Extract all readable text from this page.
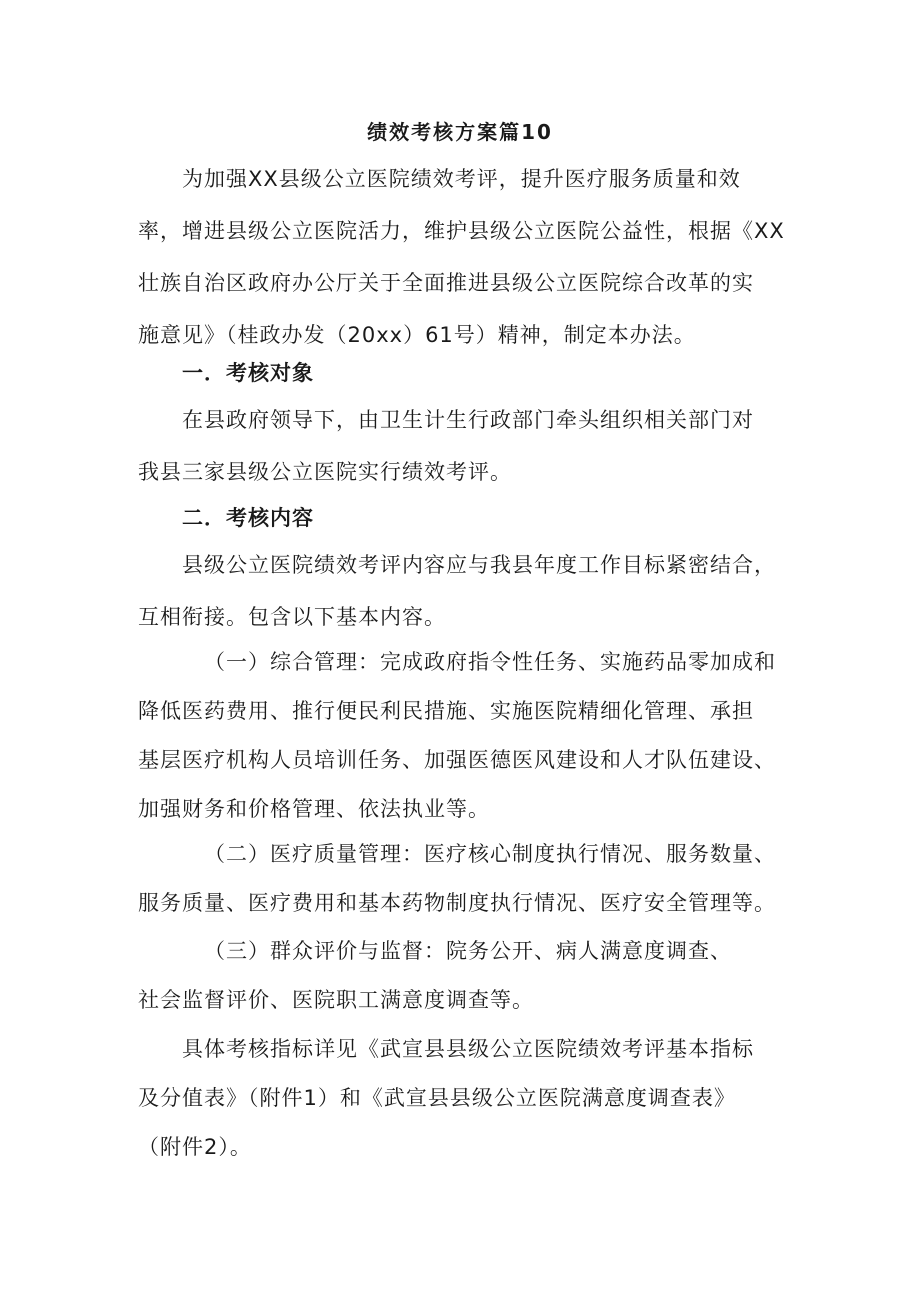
绩效考核方案篇10
为加强XX县级公立医院绩效考评，提升医疗服务质量和效
率，增进县级公立医院活力，维护县级公立医院公益性，根据《XX
壮族自治区政府办公厅关于全面推进县级公立医院综合改革的实
施意见》（桂政办发（20xx）61号）精神，制定本办法。
一．考核对象
在县政府领导下，由卫生计生行政部门牵头组织相关部门对
我县三家县级公立医院实行绩效考评。
二．考核内容
县级公立医院绩效考评内容应与我县年度工作目标紧密结合，
互相衔接。包含以下基本内容。
（一）综合管理：完成政府指令性任务、实施药品零加成和
降低医药费用、推行便民利民措施、实施医院精细化管理、承担
基层医疗机构人员培训任务、加强医德医风建设和人才队伍建设、
加强财务和价格管理、依法执业等。
（二）医疗质量管理：医疗核心制度执行情况、服务数量、
服务质量、医疗费用和基本药物制度执行情况、医疗安全管理等。
（三）群众评价与监督：院务公开、病人满意度调查、
社会监督评价、医院职工满意度调查等。
具体考核指标详见《武宣县县级公立医院绩效考评基本指标
及分值表》（附件1）和《武宣县县级公立医院满意度调查表》
（附件2）。
